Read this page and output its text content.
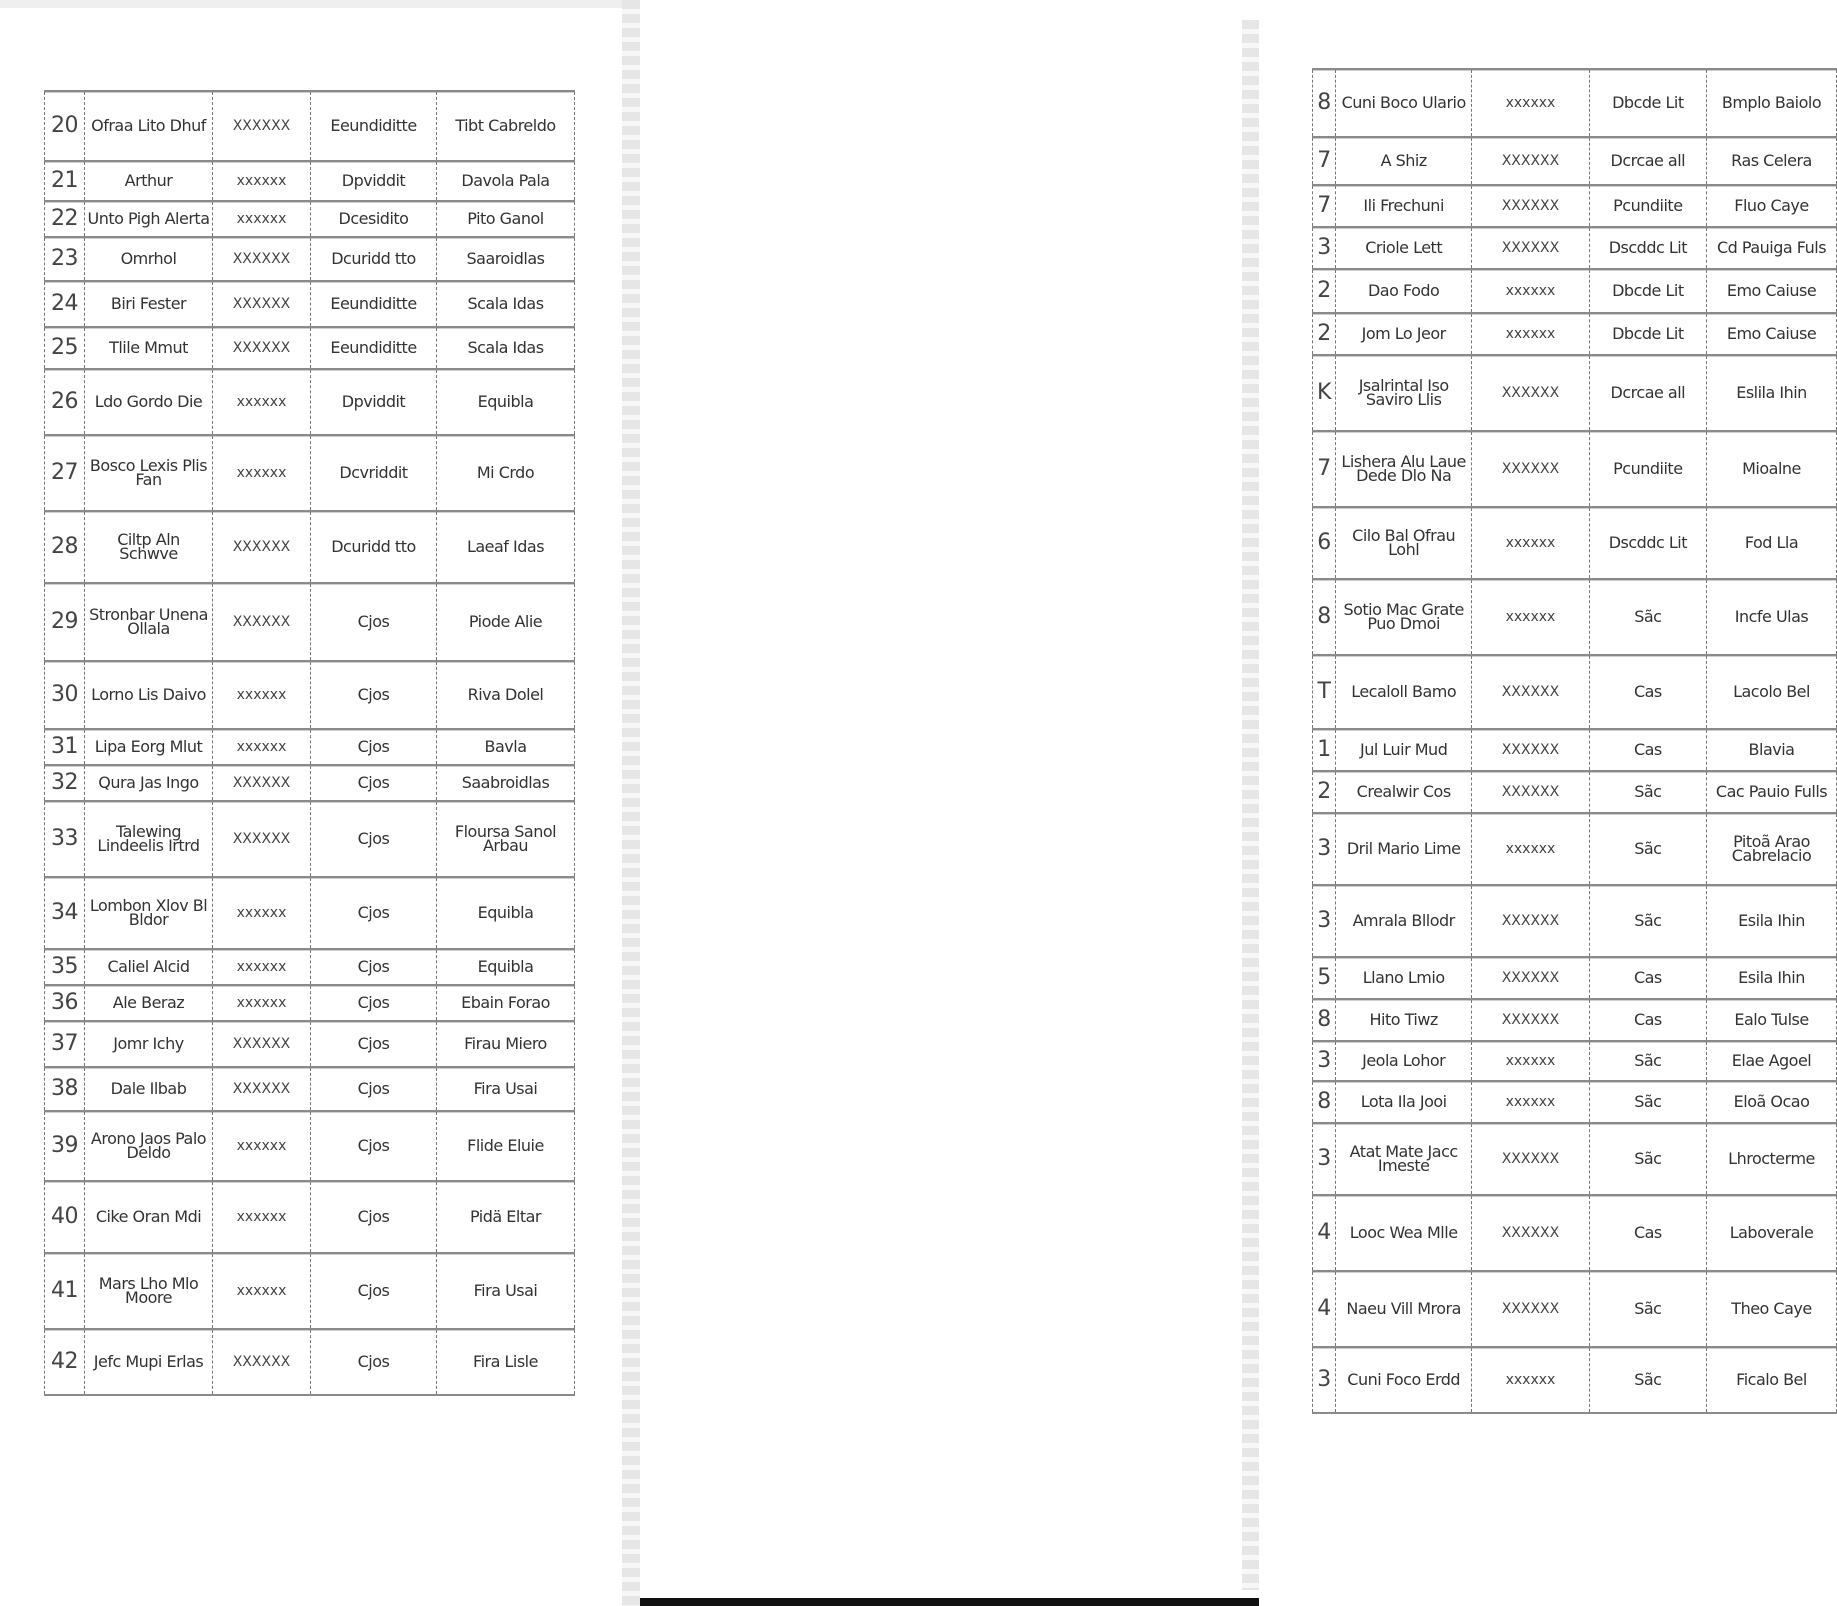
20	Ofraa Lito Dhuf	XXXXXX	Eeundiditte	Tibt Cabreldo
21	Arthur	xxxxxx	Dpviddit	Davola Pala
22	Unto Pigh Alerta	xxxxxx	Dcesidito	Pito Ganol
23	Omrhol	XXXXXX	Dcuridd tto	Saaroidlas
24	Biri Fester	XXXXXX	Eeundiditte	Scala Idas
25	Tlile Mmut	XXXXXX	Eeundiditte	Scala Idas
26	Ldo Gordo Die	xxxxxx	Dpviddit	Equibla
27	Bosco Lexis Plis Fan	xxxxxx	Dcvriddit	Mi Crdo
28	Ciltp Aln Schwve	XXXXXX	Dcuridd tto	Laeaf Idas
29	Stronbar Unena Ollala	XXXXXX	Cjos	Piode Alie
30	Lorno Lis Daivo	xxxxxx	Cjos	Riva Dolel
31	Lipa Eorg Mlut	xxxxxx	Cjos	Bavla
32	Qura Jas Ingo	XXXXXX	Cjos	Saabroidlas
33	Talewing Lindeelis Irtrd	XXXXXX	Cjos	Floursa Sanol Arbau
34	Lombon Xlov Bl Bldor	xxxxxx	Cjos	Equibla
35	Caliel Alcid	xxxxxx	Cjos	Equibla
36	Ale Beraz	xxxxxx	Cjos	Ebain Forao
37	Jomr Ichy	XXXXXX	Cjos	Firau Miero
38	Dale Ilbab	XXXXXX	Cjos	Fira Usai
39	Arono Jaos Palo Deldo	xxxxxx	Cjos	Flide Eluie
40	Cike Oran Mdi	xxxxxx	Cjos	Pidä Eltar
41	Mars Lho Mlo Moore	xxxxxx	Cjos	Fira Usai
42	Jefc Mupi Erlas	XXXXXX	Cjos	Fira Lisle
8	Cuni Boco Ulario	xxxxxx	Dbcde Lit	Bmplo Baiolo
7	A Shiz	XXXXXX	Dcrcae all	Ras Celera
7	Ili Frechuni	XXXXXX	Pcundiite	Fluo Caye
3	Criole Lett	XXXXXX	Dscddc Lit	Cd Pauiga Fuls
2	Dao Fodo	xxxxxx	Dbcde Lit	Emo Caiuse
2	Jom Lo Jeor	xxxxxx	Dbcde Lit	Emo Caiuse
K	Jsalrintal Iso Saviro Llis	XXXXXX	Dcrcae all	Eslila Ihin
7	Lishera Alu Laue Dede Dlo Na	XXXXXX	Pcundiite	Mioalne
6	Cilo Bal Ofrau Lohl	xxxxxx	Dscddc Lit	Fod Lla
8	Sotio Mac Grate Puo Dmoi	xxxxxx	Sãc	Incfe Ulas
T	Lecaloll Bamo	XXXXXX	Cas	Lacolo Bel
1	Jul Luir Mud	XXXXXX	Cas	Blavia
2	Crealwir Cos	XXXXXX	Sãc	Cac Pauio Fulls
3	Dril Mario Lime	xxxxxx	Sãc	Pitoã Arao Cabrelacio
3	Amrala Bllodr	XXXXXX	Sãc	Esila Ihin
5	Llano Lmio	XXXXXX	Cas	Esila Ihin
8	Hito Tiwz	XXXXXX	Cas	Ealo Tulse
3	Jeola Lohor	xxxxxx	Sãc	Elae Agoel
8	Lota Ila Jooi	xxxxxx	Sãc	Eloã Ocao
3	Atat Mate Jacc Imeste	XXXXXX	Sãc	Lhrocterme
4	Looc Wea Mlle	XXXXXX	Cas	Laboverale
4	Naeu Vill Mrora	XXXXXX	Sãc	Theo Caye
3	Cuni Foco Erdd	xxxxxx	Sãc	Ficalo Bel
